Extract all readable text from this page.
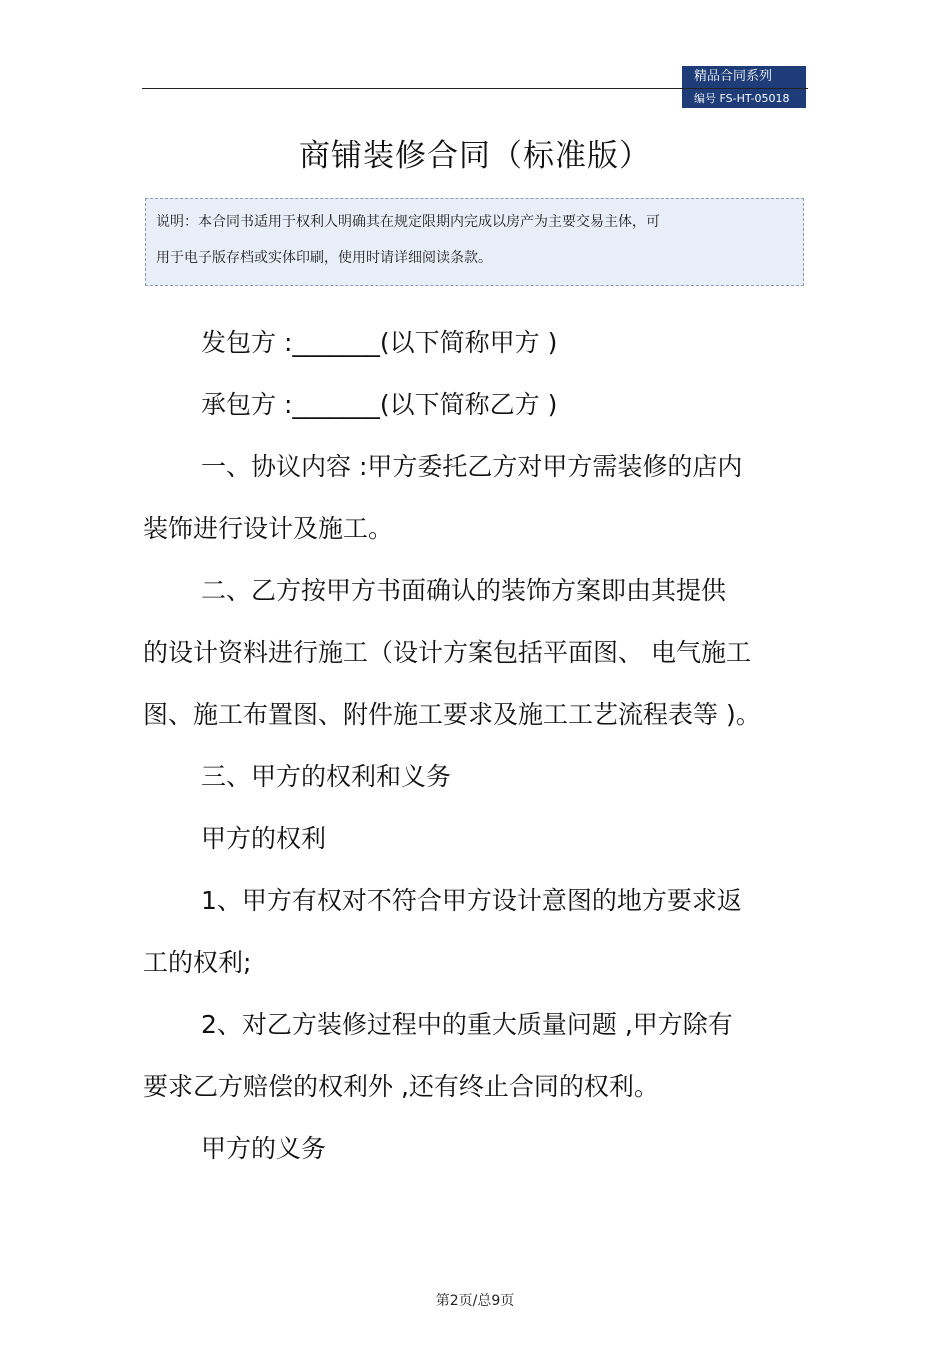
精品合同系列
编号 FS-HT-05018
商铺装修合同（标准版）
说明：本合同书适用于权利人明确其在规定限期内完成以房产为主要交易主体，可
用于电子版存档或实体印刷，使用时请详细阅读条款。
发包方 :_______(以下简称甲方 )
承包方 :_______(以下简称乙方 )
一、协议内容 :甲方委托乙方对甲方需装修的店内
装饰进行设计及施工。
二、乙方按甲方书面确认的装饰方案即由其提供
的设计资料进行施工（设计方案包括平面图、 电气施工
图、施工布置图、附件施工要求及施工工艺流程表等 )。
三、甲方的权利和义务
甲方的权利
1、甲方有权对不符合甲方设计意图的地方要求返
工的权利;
2、对乙方装修过程中的重大质量问题 ,甲方除有
要求乙方赔偿的权利外 ,还有终止合同的权利。
甲方的义务
第2页/总9页
